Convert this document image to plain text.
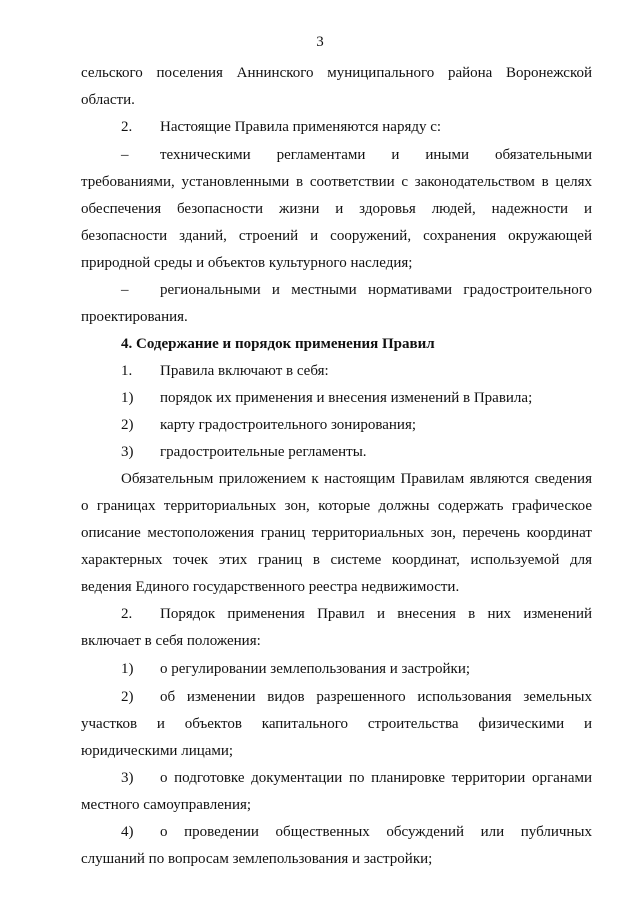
3
сельского поселения Аннинского муниципального района Воронежской
области.
2. Настоящие Правила применяются наряду с:
– техническими регламентами и иными обязательными
требованиями, установленными в соответствии с законодательством в целях
обеспечения безопасности жизни и здоровья людей, надежности и
безопасности зданий, строений и сооружений, сохранения окружающей
природной среды и объектов культурного наследия;
– региональными и местными нормативами градостроительного
проектирования.
4. Содержание и порядок применения Правил
1. Правила включают в себя:
1) порядок их применения и внесения изменений в Правила;
2) карту градостроительного зонирования;
3) градостроительные регламенты.
Обязательным приложением к настоящим Правилам являются сведения
о границах территориальных зон, которые должны содержать графическое
описание местоположения границ территориальных зон, перечень координат
характерных точек этих границ в системе координат, используемой для
ведения Единого государственного реестра недвижимости.
2. Порядок применения Правил и внесения в них изменений
включает в себя положения:
1) о регулировании землепользования и застройки;
2) об изменении видов разрешенного использования земельных
участков и объектов капитального строительства физическими и
юридическими лицами;
3) о подготовке документации по планировке территории органами
местного самоуправления;
4) о проведении общественных обсуждений или публичных
слушаний по вопросам землепользования и застройки;
